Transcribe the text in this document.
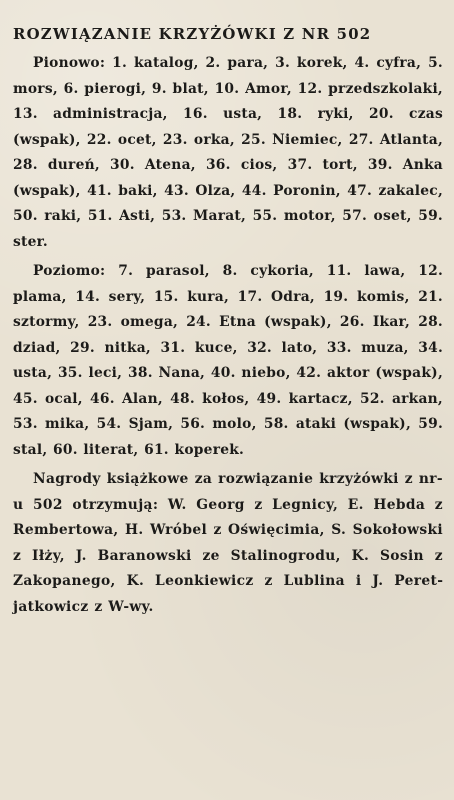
ROZWIĄZANIE KRZYŻÓWKI Z NR 502

Pionowo: 1. katalog, 2. para, 3. korek, 4. cyfra, 5. mors, 6. pierogi, 9. blat, 10. Amor, 12. przedszkolaki, 13. administracja, 16. usta, 18. ryki, 20. czas (wspak), 22. ocet, 23. orka, 25. Niemiec, 27. Atlanta, 28. dureń, 30. Atena, 36. cios, 37. tort, 39. Anka (wspak), 41. baki, 43. Olza, 44. Poronin, 47. zakalec, 50. raki, 51. Asti, 53. Marat, 55. motor, 57. oset, 59. ster.

Poziomo: 7. parasol, 8. cykoria, 11. lawa, 12. plama, 14. sery, 15. kura, 17. Odra, 19. komis, 21. sztormy, 23. omega, 24. Etna (wspak), 26. Ikar, 28. dziad, 29. nitka, 31. kuce, 32. lato, 33. muza, 34. usta, 35. leci, 38. Nana, 40. niebo, 42. aktor (wspak), 45. ocal, 46. Alan, 48. kołos, 49. kartacz, 52. arkan, 53. mika, 54. Sjam, 56. molo, 58. ataki (wspak), 59. stal, 60. literat, 61. koperek.

Nagrody książkowe za rozwiązanie krzyżówki z nr-u 502 otrzymują: W. Georg z Legnicy, E. Hebda z Rembertowa, H. Wróbel z Oświęcimia, S. Sokołowski z Iłży, J. Baranowski ze Stalinogrodu, K. Sosin z Zakopanego, K. Leonkiewicz z Lublina i J. Peretjatkowicz z W-wy.
